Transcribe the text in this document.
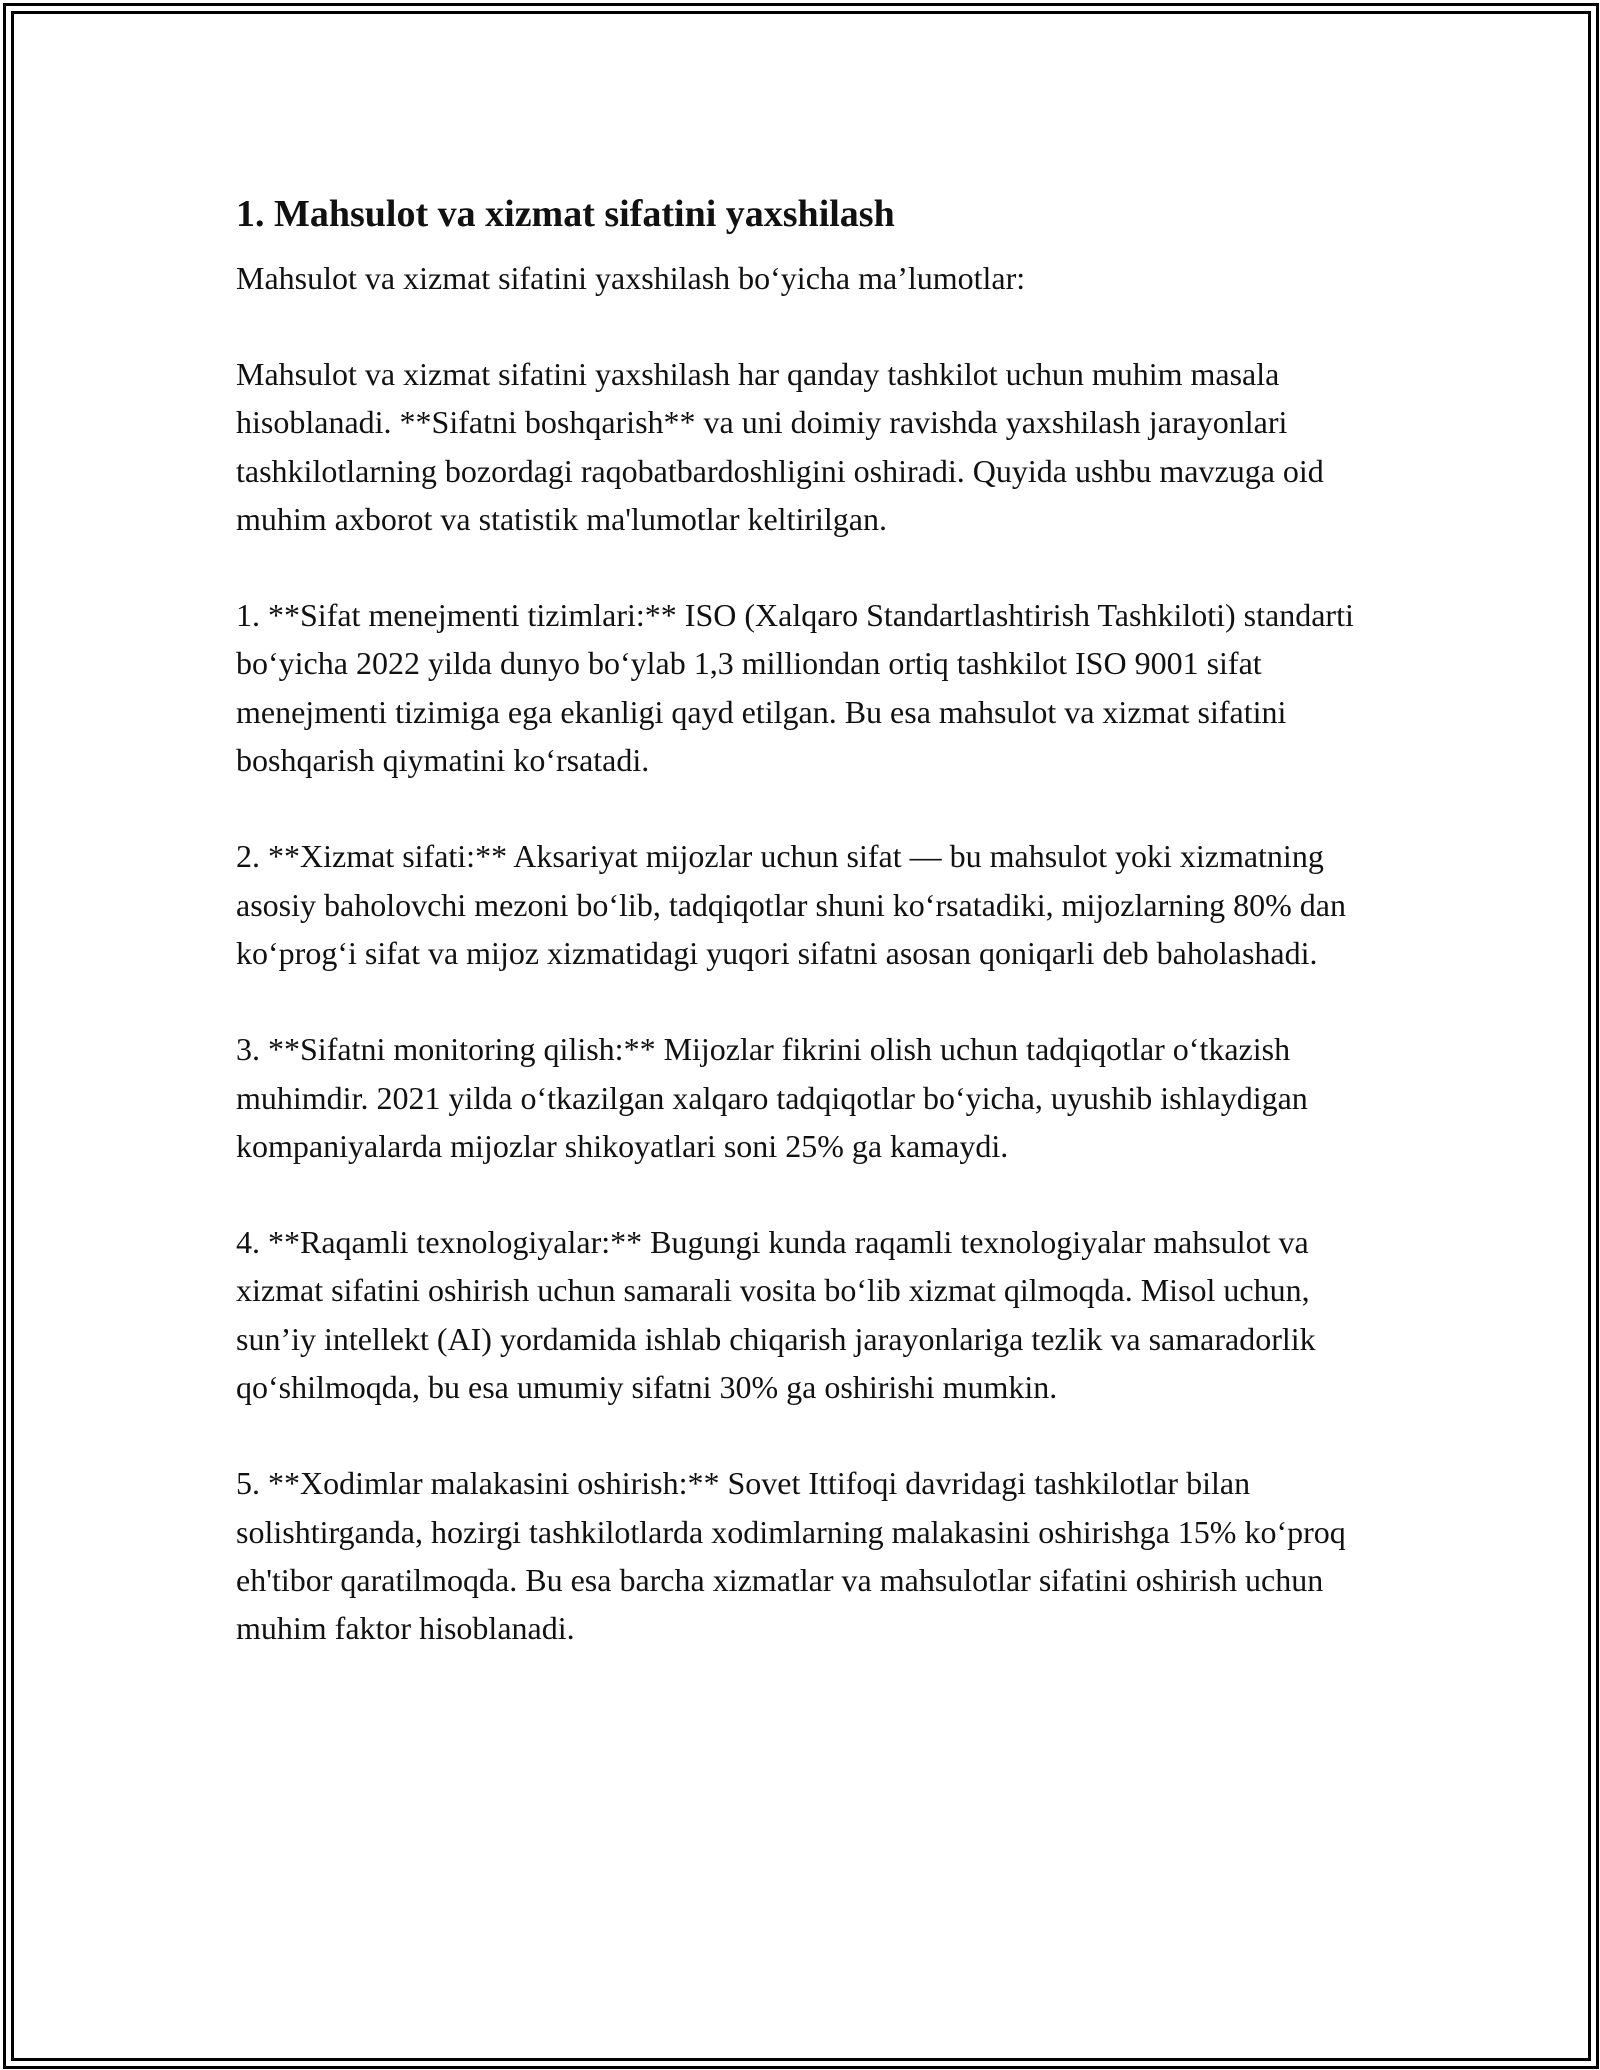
1. Mahsulot va xizmat sifatini yaxshilash

Mahsulot va xizmat sifatini yaxshilash bo‘yicha ma’lumotlar:

Mahsulot va xizmat sifatini yaxshilash har qanday tashkilot uchun muhim masala hisoblanadi. **Sifatni boshqarish** va uni doimiy ravishda yaxshilash jarayonlari tashkilotlarning bozordagi raqobatbardoshligini oshiradi. Quyida ushbu mavzuga oid muhim axborot va statistik ma'lumotlar keltirilgan.

1. **Sifat menejmenti tizimlari:** ISO (Xalqaro Standartlashtirish Tashkiloti) standarti bo‘yicha 2022 yilda dunyo bo‘ylab 1,3 milliondan ortiq tashkilot ISO 9001 sifat menejmenti tizimiga ega ekanligi qayd etilgan. Bu esa mahsulot va xizmat sifatini boshqarish qiymatini ko‘rsatadi.

2. **Xizmat sifati:** Aksariyat mijozlar uchun sifat — bu mahsulot yoki xizmatning asosiy baholovchi mezoni bo‘lib, tadqiqotlar shuni ko‘rsatadiki, mijozlarning 80% dan ko‘prog‘i sifat va mijoz xizmatidagi yuqori sifatni asosan qoniqarli deb baholashadi.

3. **Sifatni monitoring qilish:** Mijozlar fikrini olish uchun tadqiqotlar o‘tkazish muhimdir. 2021 yilda o‘tkazilgan xalqaro tadqiqotlar bo‘yicha, uyushib ishlaydigan kompaniyalarda mijozlar shikoyatlari soni 25% ga kamaydi.

4. **Raqamli texnologiyalar:** Bugungi kunda raqamli texnologiyalar mahsulot va xizmat sifatini oshirish uchun samarali vosita bo‘lib xizmat qilmoqda. Misol uchun, sun’iy intellekt (AI) yordamida ishlab chiqarish jarayonlariga tezlik va samaradorlik qo‘shilmoqda, bu esa umumiy sifatni 30% ga oshirishi mumkin.

5. **Xodimlar malakasini oshirish:** Sovet Ittifoqi davridagi tashkilotlar bilan solishtirganda, hozirgi tashkilotlarda xodimlarning malakasini oshirishga 15% ko‘proq eh'tibor qaratilmoqda. Bu esa barcha xizmatlar va mahsulotlar sifatini oshirish uchun muhim faktor hisoblanadi.
